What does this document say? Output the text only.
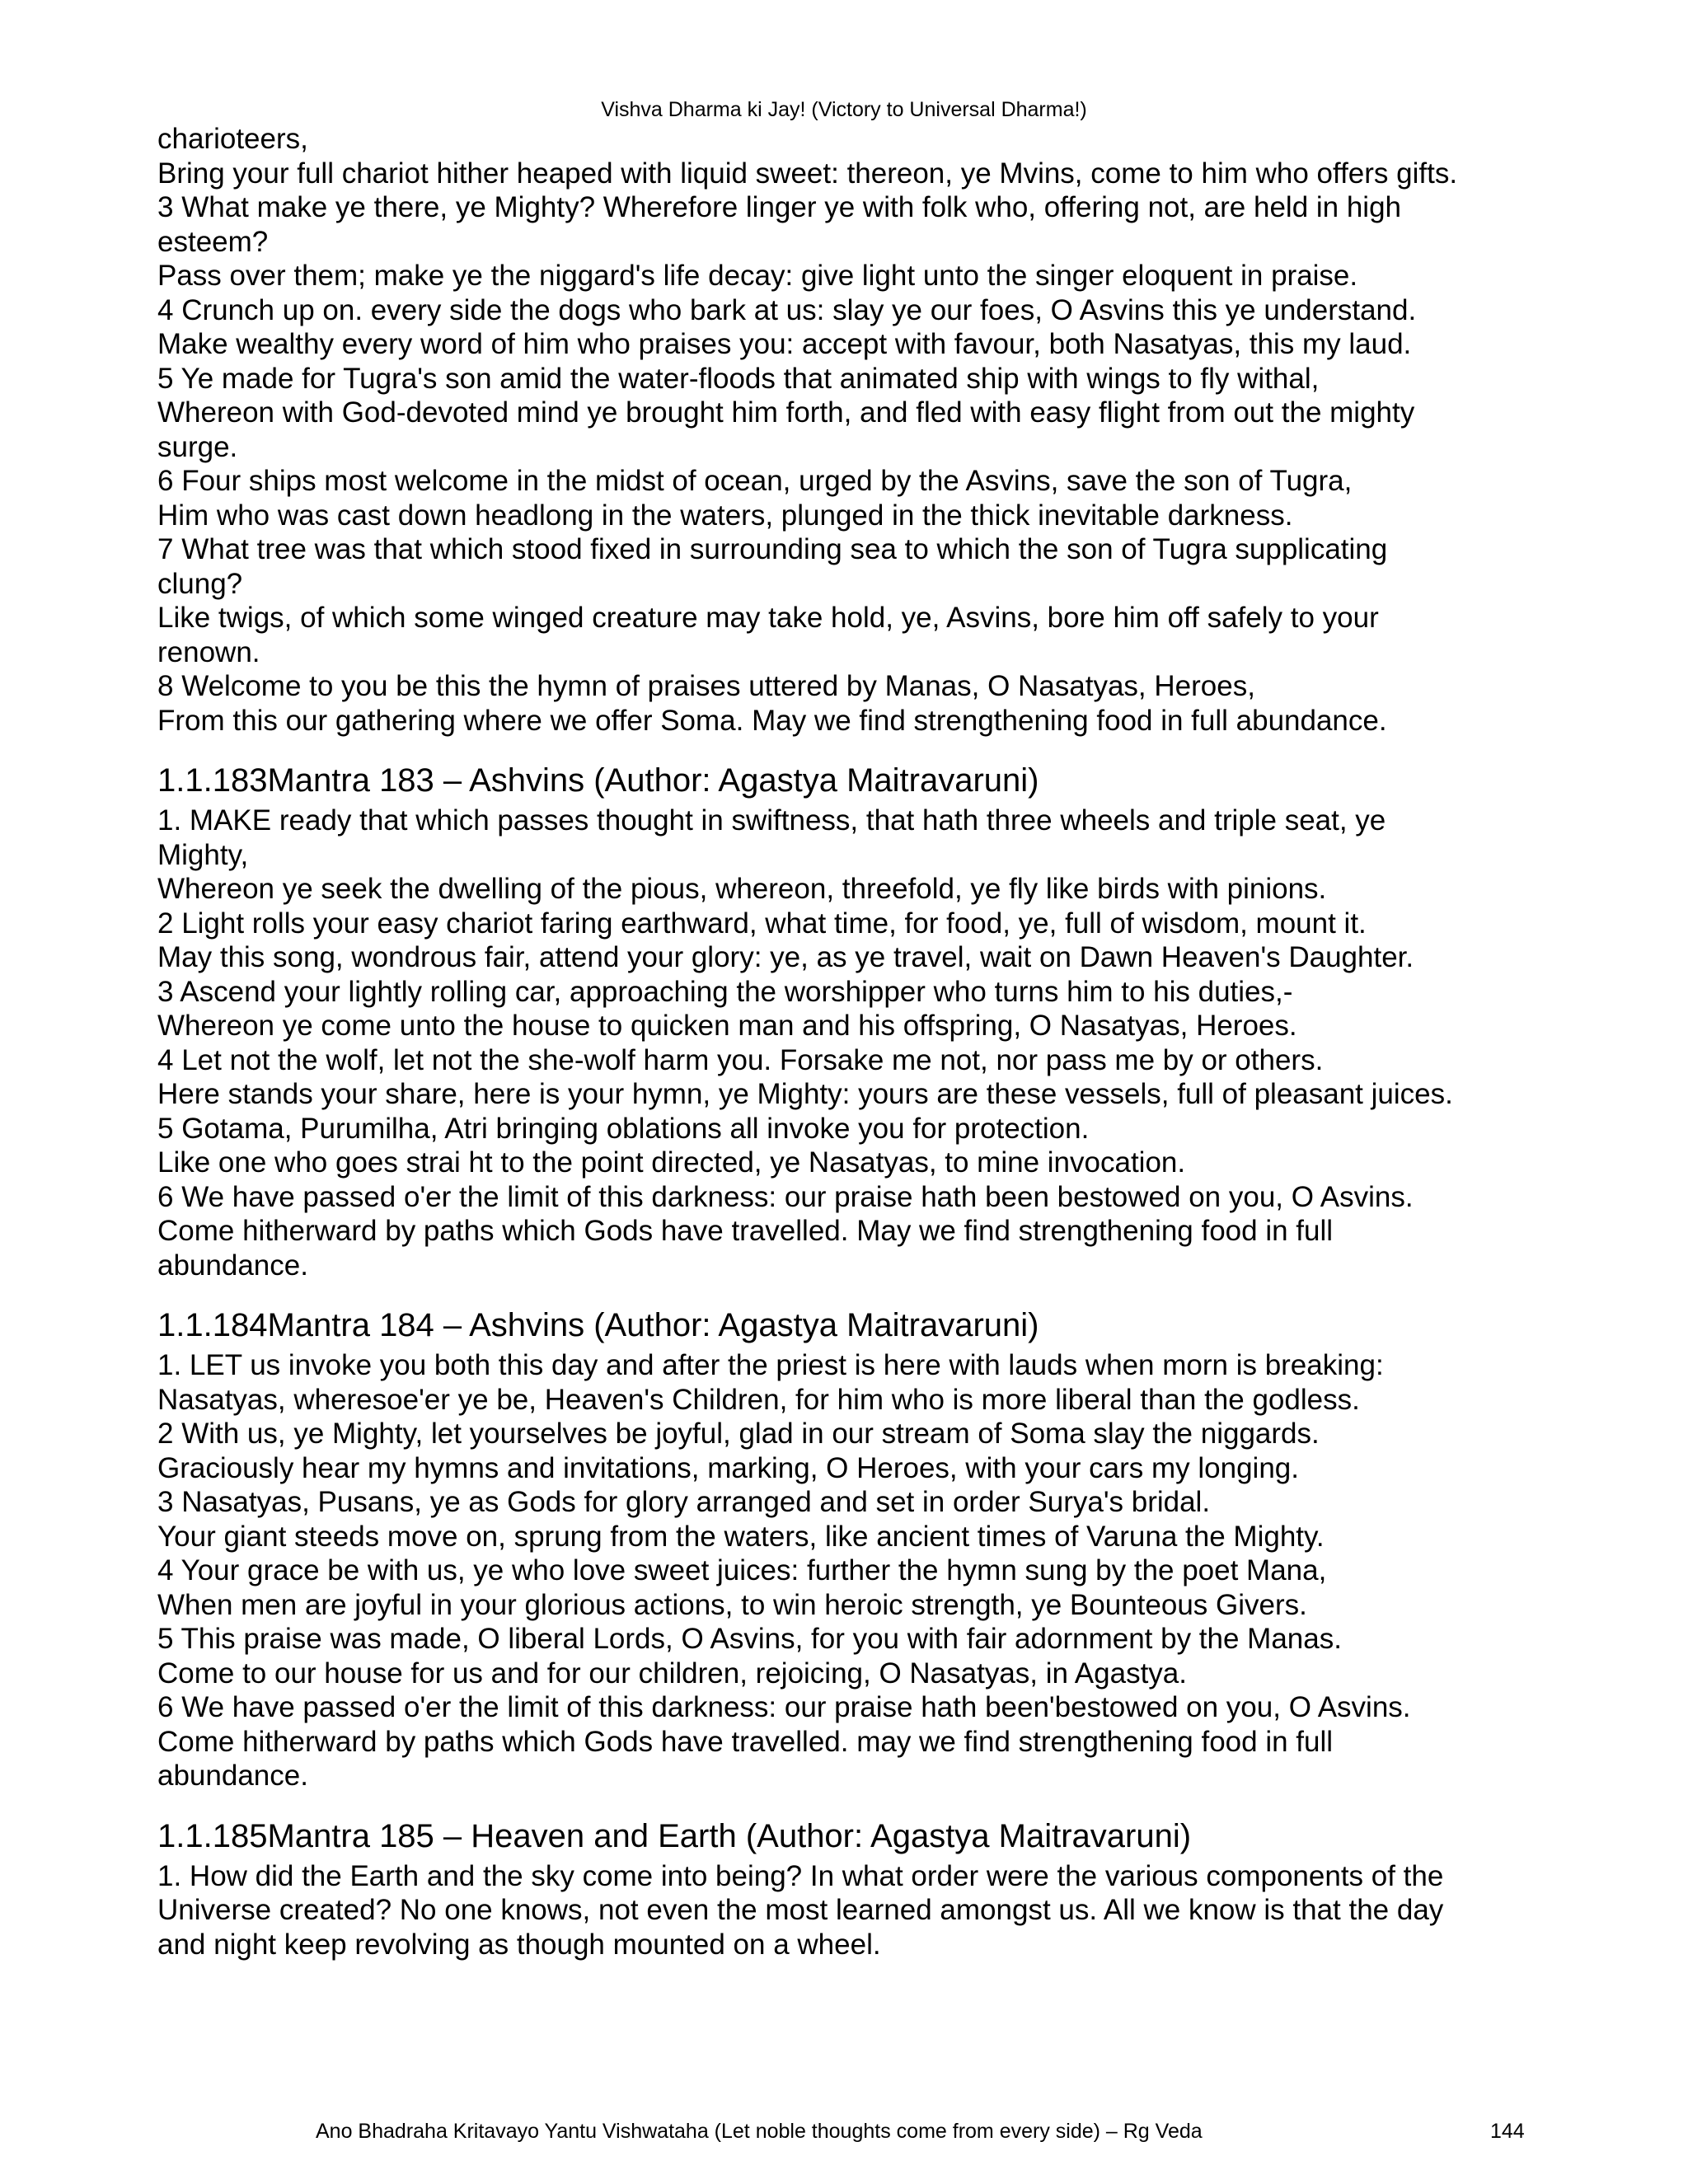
Vishva Dharma ki Jay! (Victory to Universal Dharma!)
charioteers,
Bring your full chariot hither heaped with liquid sweet: thereon, ye Mvins, come to him who offers gifts.
3 What make ye there, ye Mighty? Wherefore linger ye with folk who, offering not, are held in high
esteem?
Pass over them; make ye the niggard's life decay: give light unto the singer eloquent in praise.
4 Crunch up on. every side the dogs who bark at us: slay ye our foes, O Asvins this ye understand.
Make wealthy every word of him who praises you: accept with favour, both Nasatyas, this my laud.
5 Ye made for Tugra's son amid the water-floods that animated ship with wings to fly withal,
Whereon with God-devoted mind ye brought him forth, and fled with easy flight from out the mighty
surge.
6 Four ships most welcome in the midst of ocean, urged by the Asvins, save the son of Tugra,
Him who was cast down headlong in the waters, plunged in the thick inevitable darkness.
7 What tree was that which stood fixed in surrounding sea to which the son of Tugra supplicating
clung?
Like twigs, of which some winged creature may take hold, ye, Asvins, bore him off safely to your
renown.
8 Welcome to you be this the hymn of praises uttered by Manas, O Nasatyas, Heroes,
From this our gathering where we offer Soma. May we find strengthening food in full abundance.
1.1.183Mantra 183 – Ashvins (Author: Agastya Maitravaruni)
1. MAKE ready that which passes thought in swiftness, that hath three wheels and triple seat, ye
Mighty,
Whereon ye seek the dwelling of the pious, whereon, threefold, ye fly like birds with pinions.
2 Light rolls your easy chariot faring earthward, what time, for food, ye, full of wisdom, mount it.
May this song, wondrous fair, attend your glory: ye, as ye travel, wait on Dawn Heaven's Daughter.
3 Ascend your lightly rolling car, approaching the worshipper who turns him to his duties,-
Whereon ye come unto the house to quicken man and his offspring, O Nasatyas, Heroes.
4 Let not the wolf, let not the she-wolf harm you. Forsake me not, nor pass me by or others.
Here stands your share, here is your hymn, ye Mighty: yours are these vessels, full of pleasant juices.
5 Gotama, Purumilha, Atri bringing oblations all invoke you for protection.
Like one who goes strai ht to the point directed, ye Nasatyas, to mine invocation.
6 We have passed o'er the limit of this darkness: our praise hath been bestowed on you, O Asvins.
Come hitherward by paths which Gods have travelled. May we find strengthening food in full
abundance.
1.1.184Mantra 184 – Ashvins (Author: Agastya Maitravaruni)
1. LET us invoke you both this day and after the priest is here with lauds when morn is breaking:
Nasatyas, wheresoe'er ye be, Heaven's Children, for him who is more liberal than the godless.
2 With us, ye Mighty, let yourselves be joyful, glad in our stream of Soma slay the niggards.
Graciously hear my hymns and invitations, marking, O Heroes, with your cars my longing.
3 Nasatyas, Pusans, ye as Gods for glory arranged and set in order Surya's bridal.
Your giant steeds move on, sprung from the waters, like ancient times of Varuna the Mighty.
4 Your grace be with us, ye who love sweet juices: further the hymn sung by the poet Mana,
When men are joyful in your glorious actions, to win heroic strength, ye Bounteous Givers.
5 This praise was made, O liberal Lords, O Asvins, for you with fair adornment by the Manas.
Come to our house for us and for our children, rejoicing, O Nasatyas, in Agastya.
6 We have passed o'er the limit of this darkness: our praise hath been'bestowed on you, O Asvins.
Come hitherward by paths which Gods have travelled. may we find strengthening food in full
abundance.
1.1.185Mantra 185 – Heaven and Earth (Author: Agastya Maitravaruni)
1. How did the Earth and the sky come into being? In what order were the various components of the
Universe created? No one knows, not even the most learned amongst us. All we know is that the day
and night keep revolving as though mounted on a wheel.
Ano Bhadraha Kritavayo Yantu Vishwataha (Let noble thoughts come from every side) – Rg Veda	144
